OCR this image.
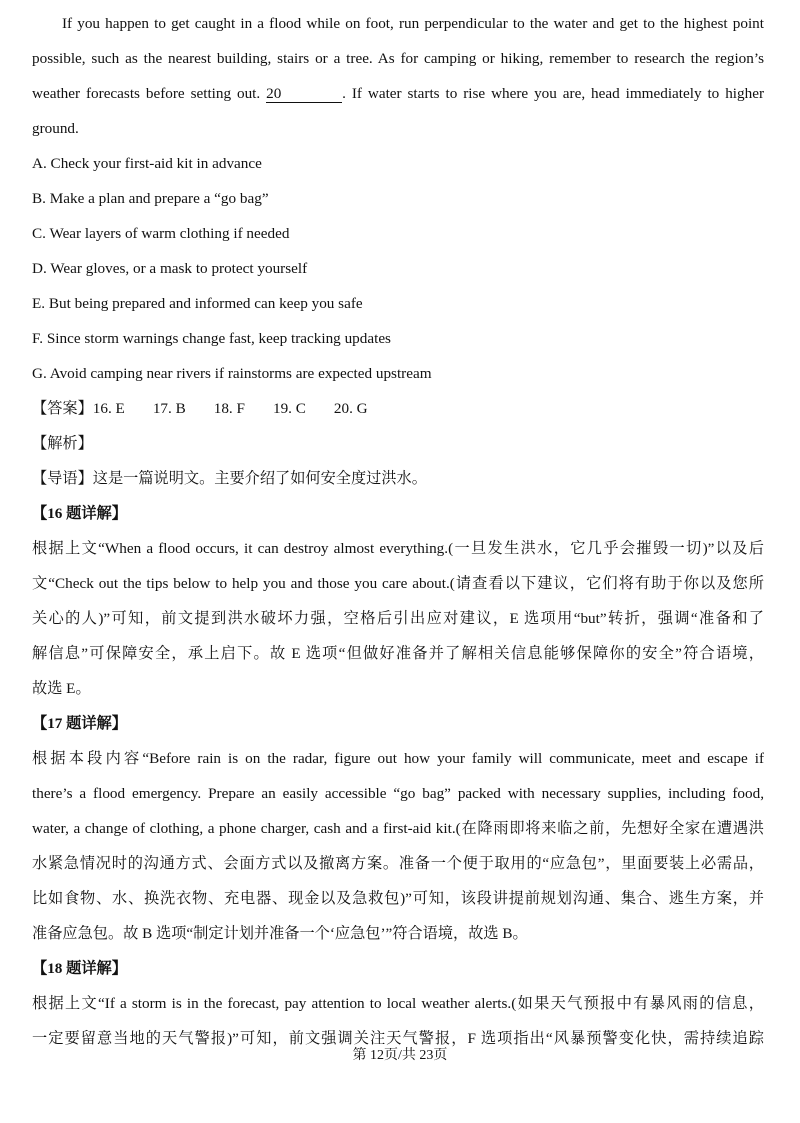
If you happen to get caught in a flood while on foot, run perpendicular to the water and get to the highest point
possible, such as the nearest building, stairs or a tree. As for camping or hiking, remember to research the region’s
weather forecasts before setting out. 20	. If water starts to rise where you are, head immediately to higher
ground.
A. Check your first-aid kit in advance
B. Make a plan and prepare a “go bag”
C. Wear layers of warm clothing if needed
D. Wear gloves, or a mask to protect yourself
E. But being prepared and informed can keep you safe
F. Since storm warnings change fast, keep tracking updates
G. Avoid camping near rivers if rainstorms are expected upstream
【答案】16. E 17. B 18. F 19. C 20. G
【解析】
【导语】这是一篇说明文。主要介绍了如何安全度过洪水。
【16 题详解】
根据上文“When a flood occurs, it can destroy almost everything.(一旦发生洪水，它几乎会摧毁一切)”以及后
文“Check out the tips below to help you and those you care about.(请查看以下建议，它们将有助于你以及您所
关心的人)”可知，前文提到洪水破坏力强，空格后引出应对建议，E 选项用“but”转折，强调“准备和了
解信息”可保障安全，承上启下。故 E 选项“但做好准备并了解相关信息能够保障你的安全”符合语境，
故选 E。
【17 题详解】
根据本段内容“Before rain is on the radar, figure out how your family will communicate, meet and escape if
there’s a flood emergency. Prepare an easily accessible “go bag” packed with necessary supplies, including food,
water, a change of clothing, a phone charger, cash and a first-aid kit.(在降雨即将来临之前，先想好全家在遭遇洪
水紧急情况时的沟通方式、会面方式以及撤离方案。准备一个便于取用的“应急包”，里面要装上必需品，
比如食物、水、换洗衣物、充电器、现金以及急救包)”可知，该段讲提前规划沟通、集合、逃生方案，并
准备应急包。故 B 选项“制定计划并准备一个‘应急包’”符合语境，故选 B。
【18 题详解】
根据上文“If a storm is in the forecast, pay attention to local weather alerts.(如果天气预报中有暴风雨的信息，
一定要留意当地的天气警报)”可知，前文强调关注天气警报，F 选项指出“风暴预警变化快，需持续追踪
第 12页/共 23页
